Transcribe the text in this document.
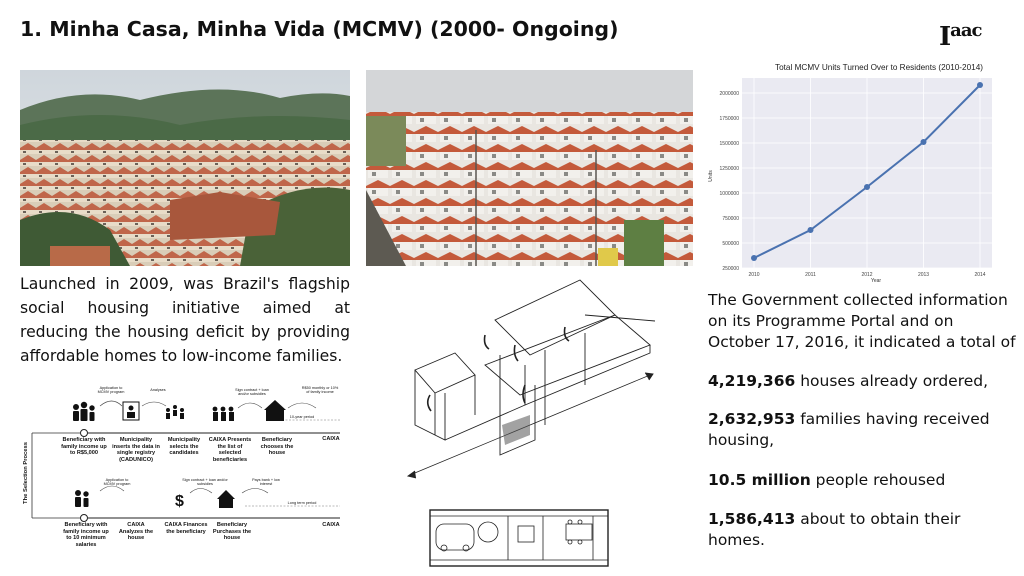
1. Minha Casa, Minha Vida (MCMV) (2000- Ongoing)	$I^{aac}$
Total MCMV Units Turned Over to Residents (2010-2014)
250000
500000
750000
1000000
1250000
1500000
1750000
2000000
2010	2011	2012	2013	2014
Units
Year
Launched in 2009, was Brazil's flagship social housing initiative aimed at reducing the housing deficit by providing affordable homes to low-income families.
The Government collected information on its Programme Portal and on October 17, 2016, it indicated a total of
4,219,366 houses already ordered,
2,632,953 families having received housing,
10.5 million people rehoused
1,586,413 about to obtain their homes.
$
The Selection Process
Beneficiary with family income up to R$5,000
Municipality inserts the data in single registry (CADUNICO)
Municipality selects the candidates
CAIXA Presents the list of selected beneficiaries
Beneficiary chooses the house
CAIXA
Application to MCMV program	Analyses	Sign contract + loan and/or subsidies
R$50 monthly or 10% of family income
10-year period
Beneficiary with family income up to 10 minimum salaries
CAIXA Analyzes the house
CAIXA Finances the beneficiary
Beneficiary Purchases the house
CAIXA
Application to MCMV program
Sign contract + loan and/or subsidies
Pays bank + low interest
Long term period
